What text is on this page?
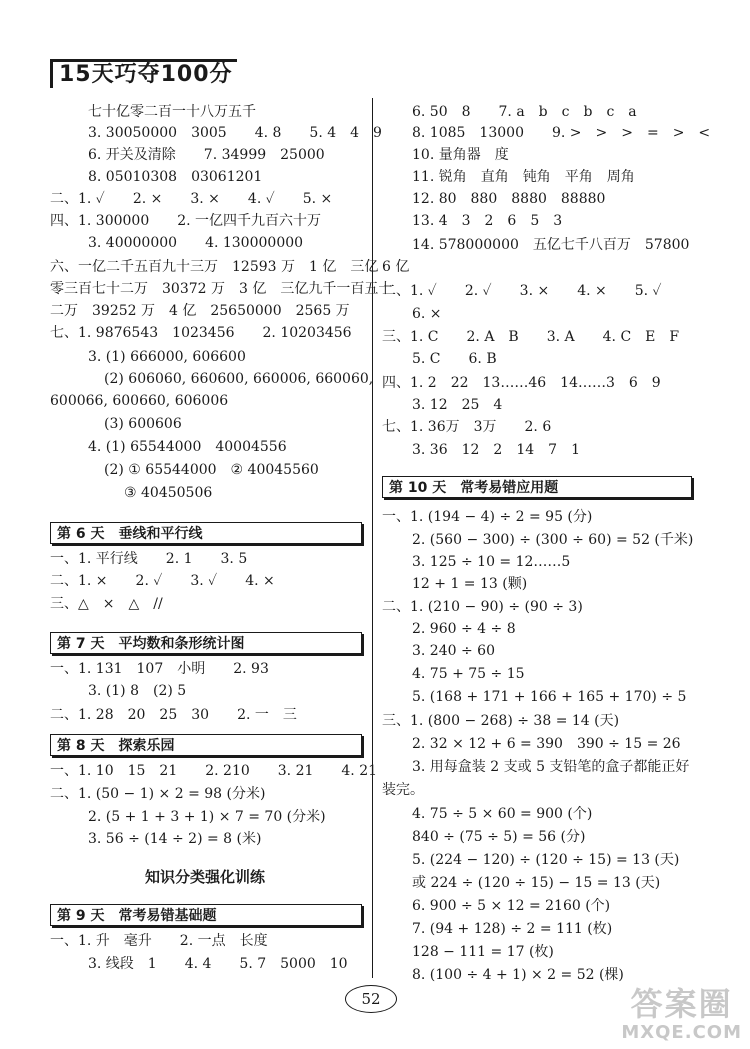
15天巧夺100分
七十亿零二百一十八万五千
3. 30050000　3005　　4. 8　　5. 4　4　9
6. 开关及清除　　7. 34999　25000
8. 05010308　03061201
二、1. ✓　　2. ×　　3. ×　　4. ✓　　5. ×
四、1. 300000　　2. 一亿四千九百六十万
3. 40000000　　4. 130000000
六、一亿二千五百九十三万　12593 万　1 亿　三亿
零三百七十二万　30372 万　3 亿　三亿九千一百五十
二万　39252 万　4 亿　25650000　2565 万
七、1. 9876543　1023456　　2. 10203456
3. (1) 666000, 606600
(2) 606060, 660600, 660006, 660060,
600066, 600660, 606006
(3) 600606
4. (1) 65544000　40004556
(2) ① 65544000　② 40045560
③ 40450506
一、1. 平行线　　2. 1　　3. 5
二、1. ×　　2. ✓　　3. ✓　　4. ×
三、△　×　△　//
一、1. 131　107　小明　　2. 93
3. (1) 8　(2) 5
二、1. 28　20　25　30　　2. 一　三
一、1. 10　15　21　　2. 210　　3. 21　　4. 21
二、1. (50 − 1) × 2 = 98 (分米)
2. (5 + 1 + 3 + 1) × 7 = 70 (分米)
3. 56 ÷ (14 ÷ 2) = 8 (米)
一、1. 升　毫升　　2. 一点　长度
3. 线段　1　　4. 4　　5. 7　5000　10
第 6 天　垂线和平行线
第 7 天　平均数和条形统计图
第 8 天　探索乐园
第 9 天　常考易错基础题
6. 50　8　　7. a　b　c　b　c　a
8. 1085　13000　　9. >　>　>　=　>　<
10. 量角器　度
11. 锐角　直角　钝角　平角　周角
12. 80　880　8880　88880
13. 4　3　2　6　5　3
14. 578000000　五亿七千八百万　57800
6 亿
二、1. ✓　　2. ✓　　3. ×　　4. ×　　5. ✓
6. ×
三、1. C　　2. A　B　　3. A　　4. C　E　F
5. C　　6. B
四、1. 2　22　13……46　14……3　6　9
3. 12　25　4
七、1. 36万　3万　　2. 6
3. 36　12　2　14　7　1
一、1. (194 − 4) ÷ 2 = 95 (分)
2. (560 − 300) ÷ (300 ÷ 60) = 52 (千米)
3. 125 ÷ 10 = 12……5
12 + 1 = 13 (颗)
二、1. (210 − 90) ÷ (90 ÷ 3)
2. 960 ÷ 4 ÷ 8
3. 240 ÷ 60
4. 75 + 75 ÷ 15
5. (168 + 171 + 166 + 165 + 170) ÷ 5
三、1. (800 − 268) ÷ 38 = 14 (天)
2. 32 × 12 + 6 = 390　390 ÷ 15 = 26
3. 用每盒装 2 支或 5 支铅笔的盒子都能正好
装完。
4. 75 ÷ 5 × 60 = 900 (个)
840 ÷ (75 ÷ 5) = 56 (分)
5. (224 − 120) ÷ (120 ÷ 15) = 13 (天)
或 224 ÷ (120 ÷ 15) − 15 = 13 (天)
6. 900 ÷ 5 × 12 = 2160 (个)
7. (94 + 128) ÷ 2 = 111 (枚)
128 − 111 = 17 (枚)
8. (100 ÷ 4 + 1) × 2 = 52 (棵)
第 10 天　常考易错应用题
知识分类强化训练
52	答案圈
MXQE.COM
